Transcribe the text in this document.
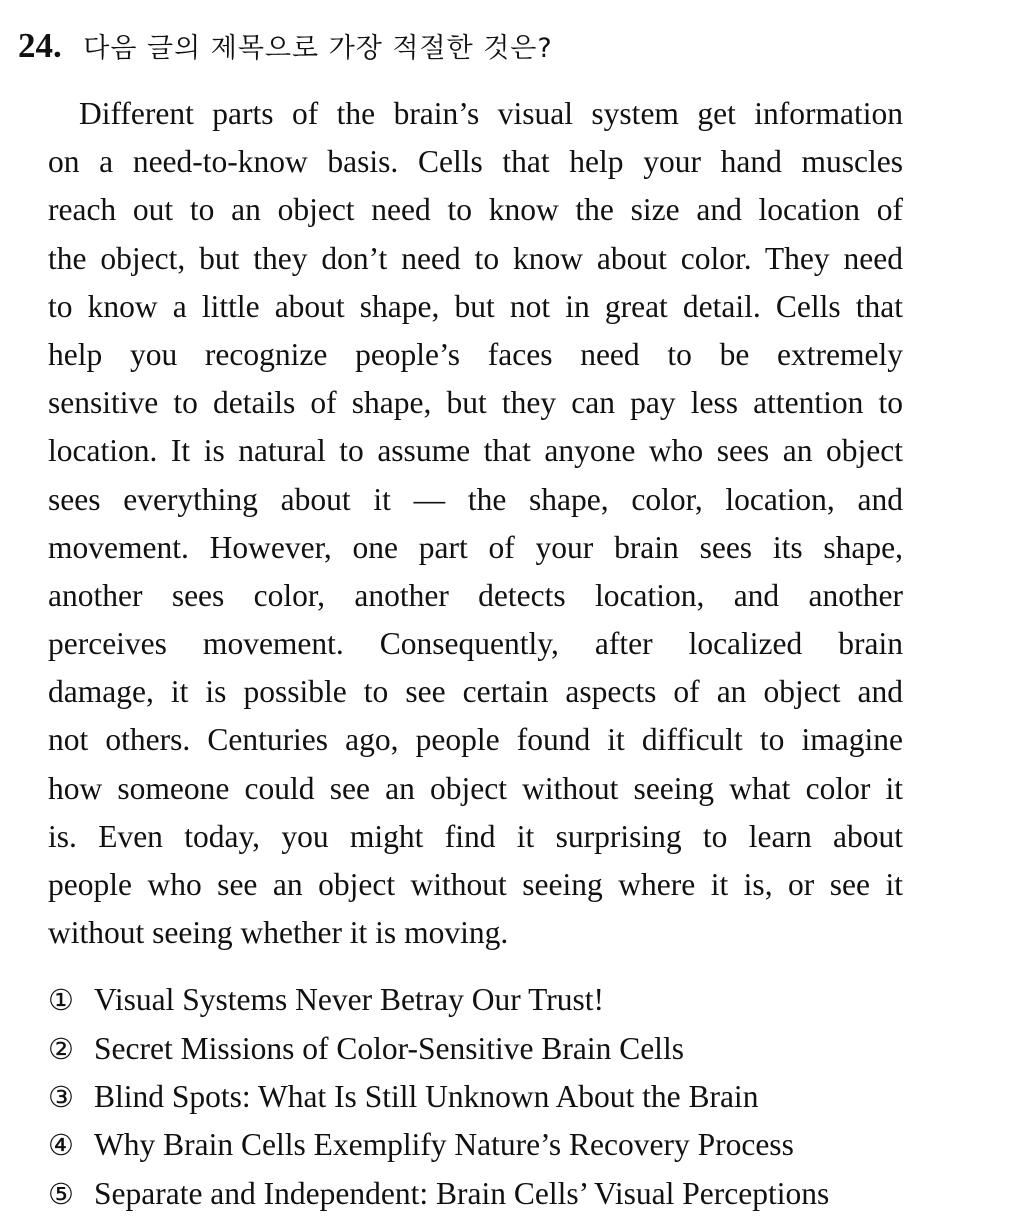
24. 다음 글의 제목으로 가장 적절한 것은?
Different parts of the brain’s visual system get information
on a need-to-know basis. Cells that help your hand muscles
reach out to an object need to know the size and location of
the object, but they don’t need to know about color. They need
to know a little about shape, but not in great detail. Cells that
help you recognize people’s faces need to be extremely
sensitive to details of shape, but they can pay less attention to
location. It is natural to assume that anyone who sees an object
sees everything about it — the shape, color, location, and
movement. However, one part of your brain sees its shape,
another sees color, another detects location, and another
perceives movement. Consequently, after localized brain
damage, it is possible to see certain aspects of an object and
not others. Centuries ago, people found it difficult to imagine
how someone could see an object without seeing what color it
is. Even today, you might find it surprising to learn about
people who see an object without seeing where it is, or see it
without seeing whether it is moving.
① Visual Systems Never Betray Our Trust!
② Secret Missions of Color-Sensitive Brain Cells
③ Blind Spots: What Is Still Unknown About the Brain
④ Why Brain Cells Exemplify Nature’s Recovery Process
⑤ Separate and Independent: Brain Cells’ Visual Perceptions
